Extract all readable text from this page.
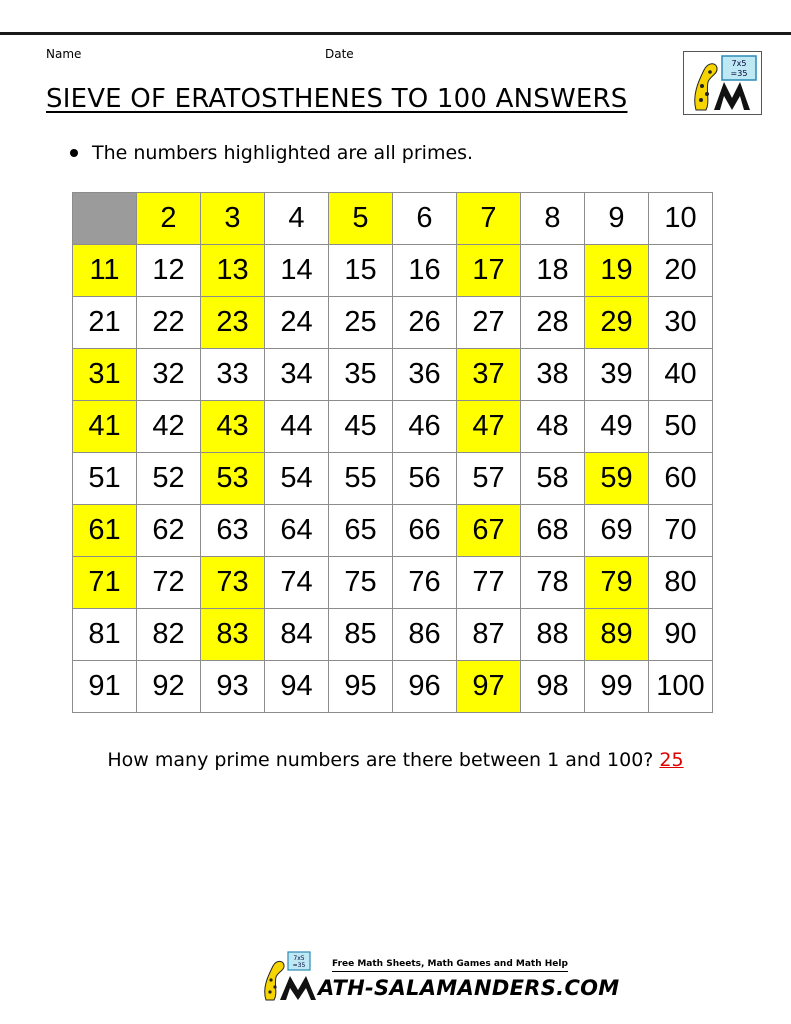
Name	Date
SIEVE OF ERATOSTHENES TO 100 ANSWERS
7x5
=35
The numbers highlighted are all primes.
	2	3	4	5	6	7	8	9	10
11	12	13	14	15	16	17	18	19	20
21	22	23	24	25	26	27	28	29	30
31	32	33	34	35	36	37	38	39	40
41	42	43	44	45	46	47	48	49	50
51	52	53	54	55	56	57	58	59	60
61	62	63	64	65	66	67	68	69	70
71	72	73	74	75	76	77	78	79	80
81	82	83	84	85	86	87	88	89	90
91	92	93	94	95	96	97	98	99	100
How many prime numbers are there between 1 and 100? 25
7x5
=35	Free Math Sheets, Math Games and Math Help
ATH-SALAMANDERS.COM
